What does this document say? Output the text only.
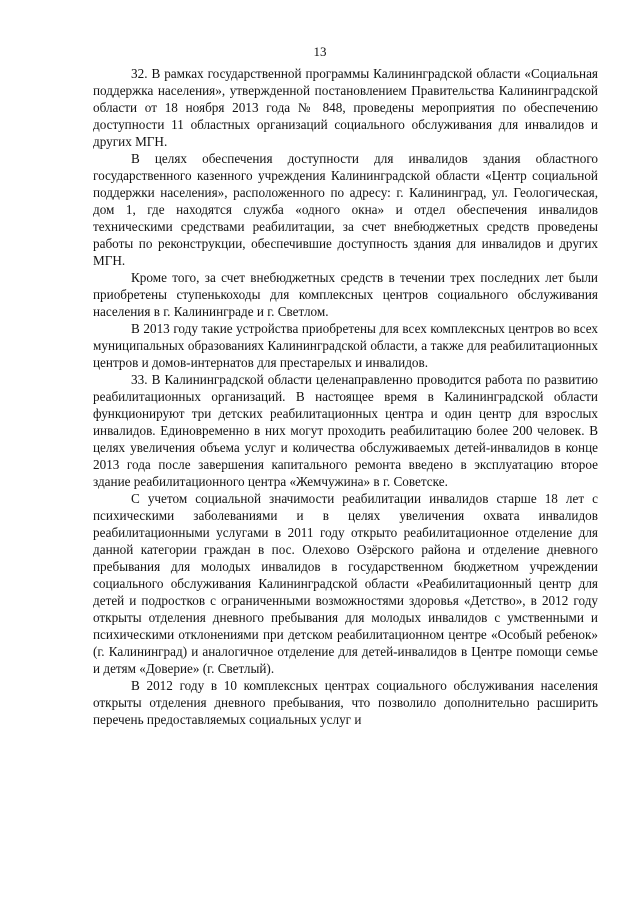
13

32. В рамках государственной программы Калининградской области «Социальная поддержка населения», утвержденной постановлением Правительства Калининградской области от 18 ноября 2013 года № 848, проведены мероприятия по обеспечению доступности 11 областных организаций социального обслуживания для инвалидов и других МГН.

В целях обеспечения доступности для инвалидов здания областного государственного казенного учреждения Калининградской области «Центр социальной поддержки населения», расположенного по адресу: г. Калининград, ул. Геологическая, дом 1, где находятся служба «одного окна» и отдел обеспечения инвалидов техническими средствами реабилитации, за счет внебюджетных средств проведены работы по реконструкции, обеспечившие доступность здания для инвалидов и других МГН.

Кроме того, за счет внебюджетных средств в течении трех последних лет были приобретены ступенькоходы для комплексных центров социального обслуживания населения в г. Калининграде и г. Светлом.

В 2013 году такие устройства приобретены для всех комплексных центров во всех муниципальных образованиях Калининградской области, а также для реабилитационных центров и домов-интернатов для престарелых и инвалидов.

33. В Калининградской области целенаправленно проводится работа по развитию реабилитационных организаций. В настоящее время в Калининградской области функционируют три детских реабилитационных центра и один центр для взрослых инвалидов. Единовременно в них могут проходить реабилитацию более 200 человек. В целях увеличения объема услуг и количества обслуживаемых детей-инвалидов в конце 2013 года после завершения капитального ремонта введено в эксплуатацию второе здание реабилитационного центра «Жемчужина» в г. Советске.

С учетом социальной значимости реабилитации инвалидов старше 18 лет с психическими заболеваниями и в целях увеличения охвата инвалидов реабилитационными услугами в 2011 году открыто реабилитационное отделение для данной категории граждан в пос. Олехово Озёрского района и отделение дневного пребывания для молодых инвалидов в государственном бюджетном учреждении социального обслуживания Калининградской области «Реабилитационный центр для детей и подростков с ограниченными возможностями здоровья «Детство», в 2012 году открыты отделения дневного пребывания для молодых инвалидов с умственными и психическими отклонениями при детском реабилитационном центре «Особый ребенок» (г. Калининград) и аналогичное отделение для детей-инвалидов в Центре помощи семье и детям «Доверие» (г. Светлый).

В 2012 году в 10 комплексных центрах социального обслуживания населения открыты отделения дневного пребывания, что позволило дополнительно расширить перечень предоставляемых социальных услуг и
